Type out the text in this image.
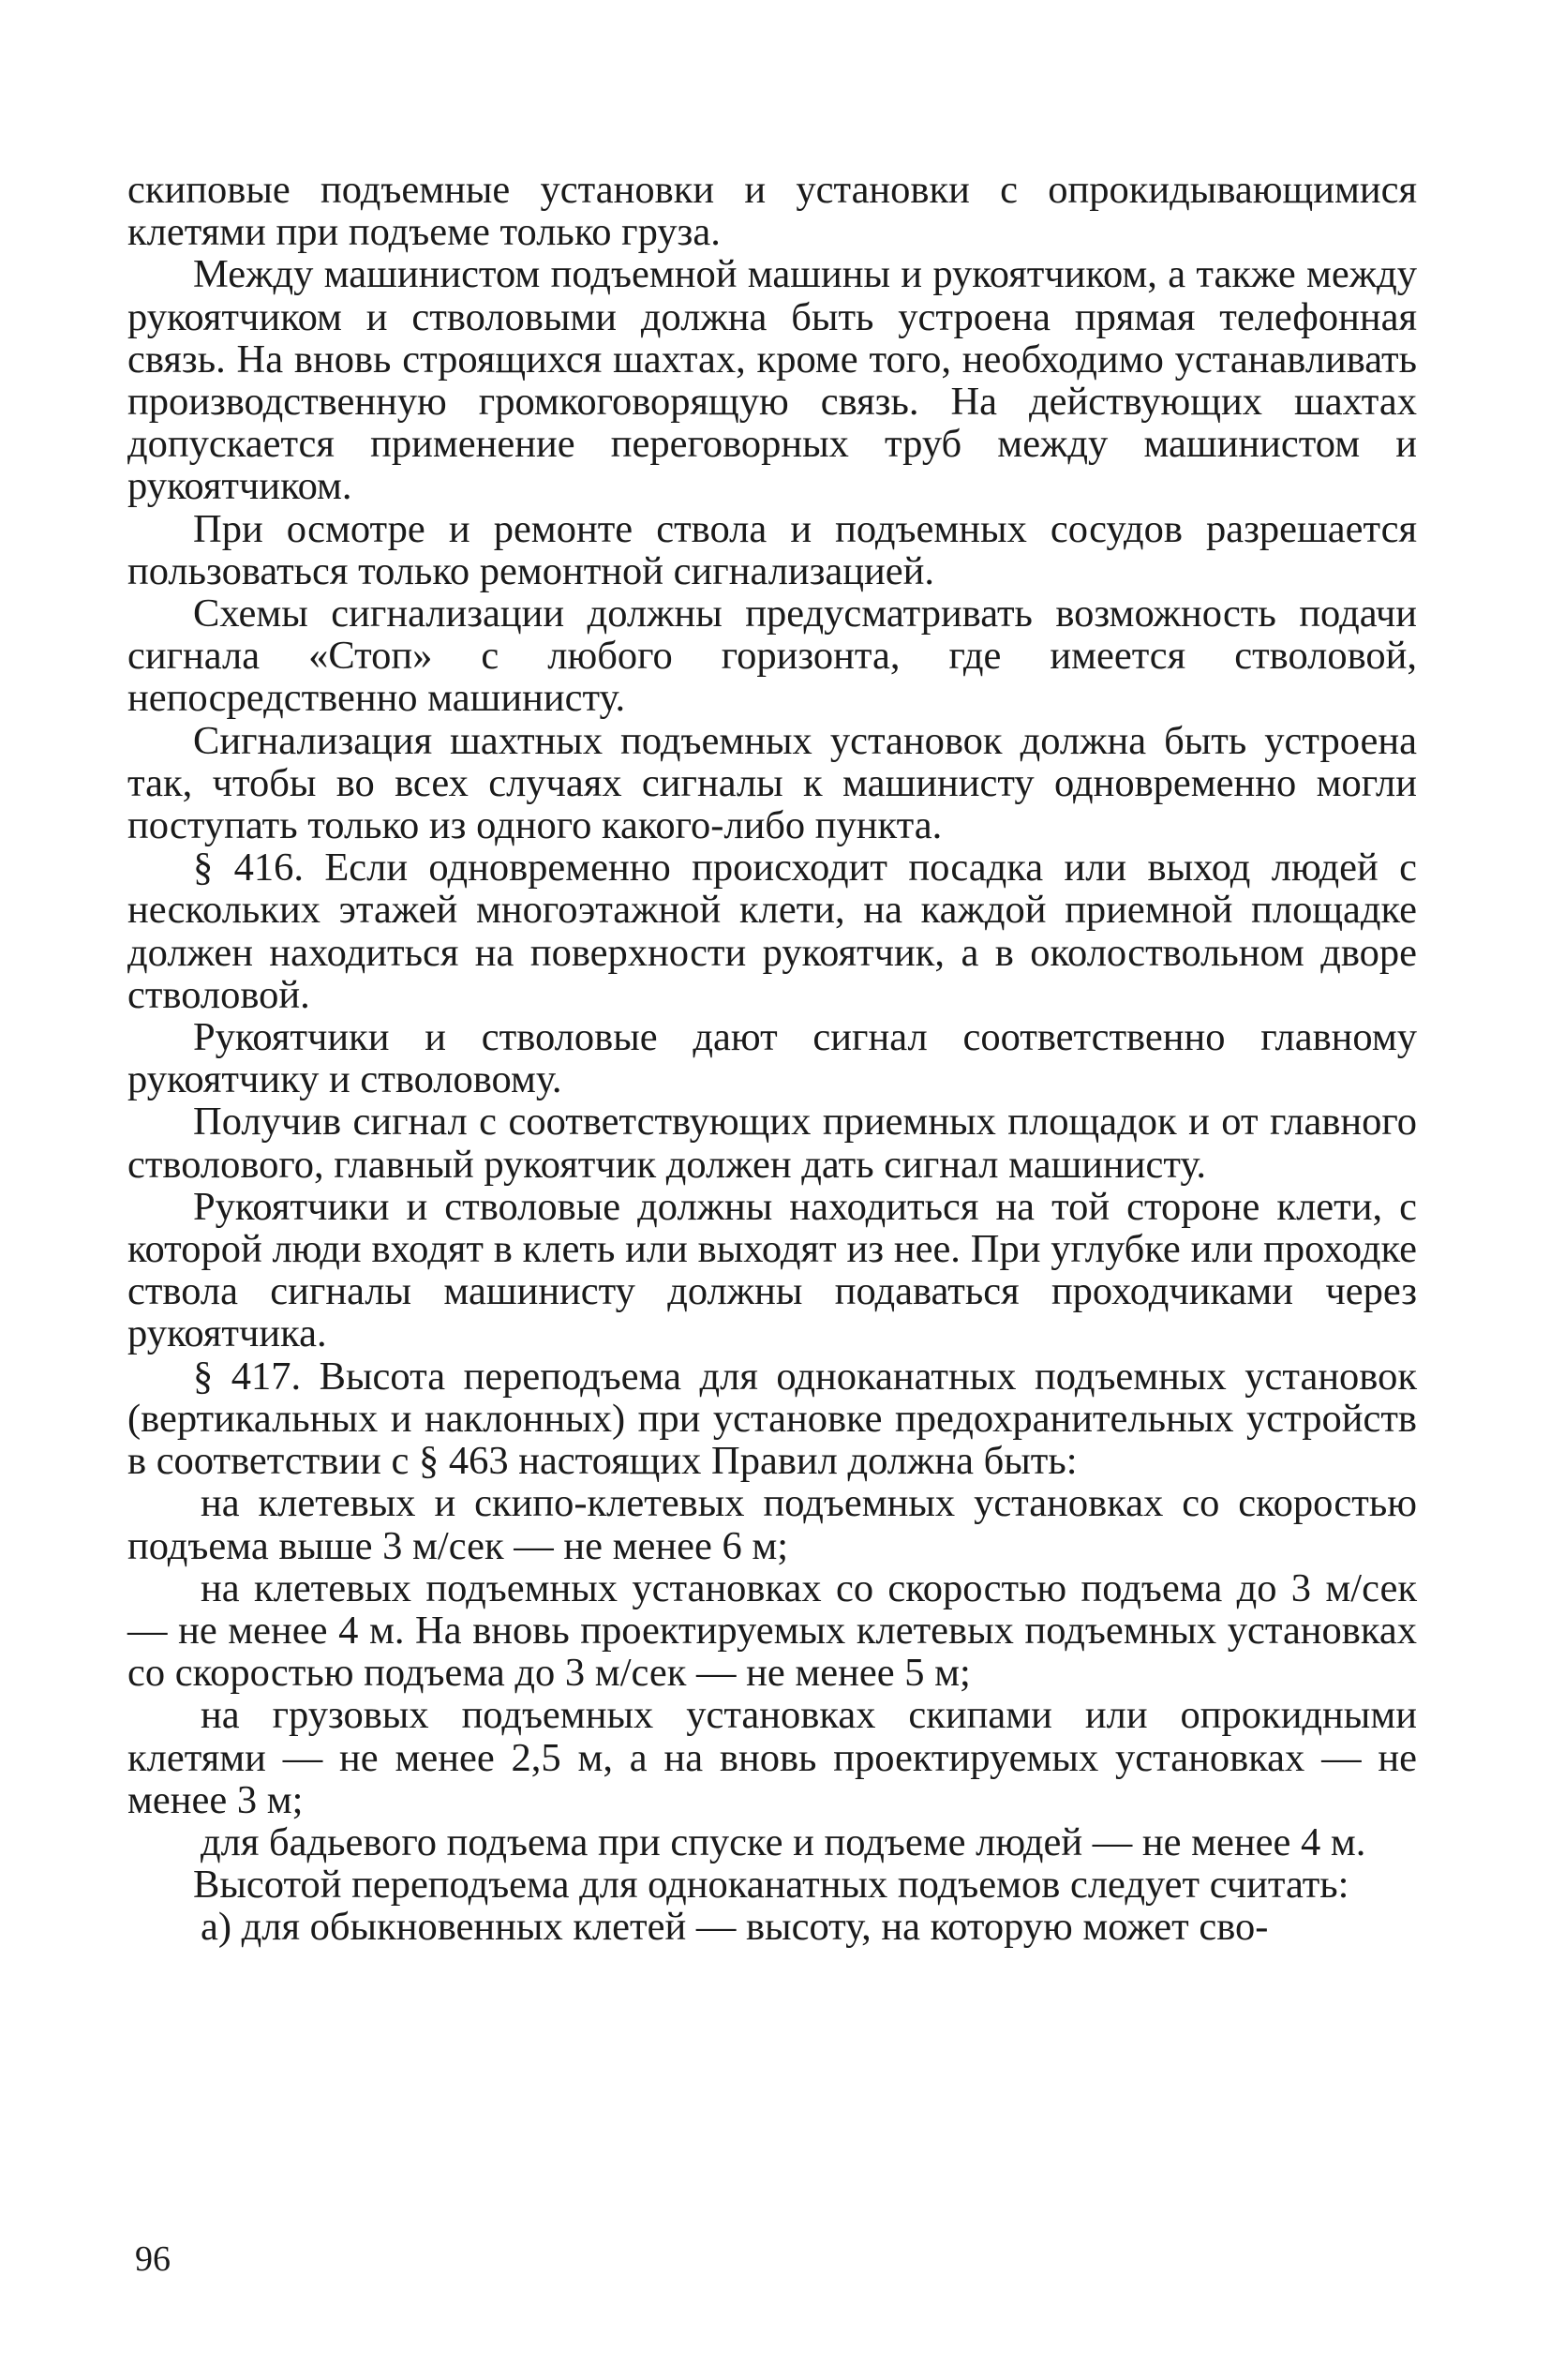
скиповые подъемные установки и установки с опрокидывающимися клетями при подъеме только груза.

Между машинистом подъемной машины и рукоятчиком, а также между рукоятчиком и стволовыми должна быть устроена прямая телефонная связь. На вновь строящихся шахтах, кроме того, необходимо устанавливать производственную громкоговорящую связь. На действующих шахтах допускается применение переговорных труб между машинистом и рукоятчиком.

При осмотре и ремонте ствола и подъемных сосудов разрешается пользоваться только ремонтной сигнализацией.

Схемы сигнализации должны предусматривать возможность подачи сигнала «Стоп» с любого горизонта, где имеется стволовой, непосредственно машинисту.

Сигнализация шахтных подъемных установок должна быть устроена так, чтобы во всех случаях сигналы к машинисту одновременно могли поступать только из одного какого-либо пункта.

§ 416. Если одновременно происходит посадка или выход людей с нескольких этажей многоэтажной клети, на каждой приемной площадке должен находиться на поверхности рукоятчик, а в околоствольном дворе стволовой.

Рукоятчики и стволовые дают сигнал соответственно главному рукоятчику и стволовому.

Получив сигнал с соответствующих приемных площадок и от главного стволового, главный рукоятчик должен дать сигнал машинисту.

Рукоятчики и стволовые должны находиться на той стороне клети, с которой люди входят в клеть или выходят из нее. При углубке или проходке ствола сигналы машинисту должны подаваться проходчиками через рукоятчика.

§ 417. Высота переподъема для одноканатных подъемных установок (вертикальных и наклонных) при установке предохранительных устройств в соответствии с § 463 настоящих Правил должна быть:

на клетевых и скипо-клетевых подъемных установках со скоростью подъема выше 3 м/сек — не менее 6 м;

на клетевых подъемных установках со скоростью подъема до 3 м/сек — не менее 4 м. На вновь проектируемых клетевых подъемных установках со скоростью подъема до 3 м/сек — не менее 5 м;

на грузовых подъемных установках скипами или опрокидными клетями — не менее 2,5 м, а на вновь проектируемых установках — не менее 3 м;

для бадьевого подъема при спуске и подъеме людей — не менее 4 м.

Высотой переподъема для одноканатных подъемов следует считать:

а) для обыкновенных клетей — высоту, на которую может сво-

96
